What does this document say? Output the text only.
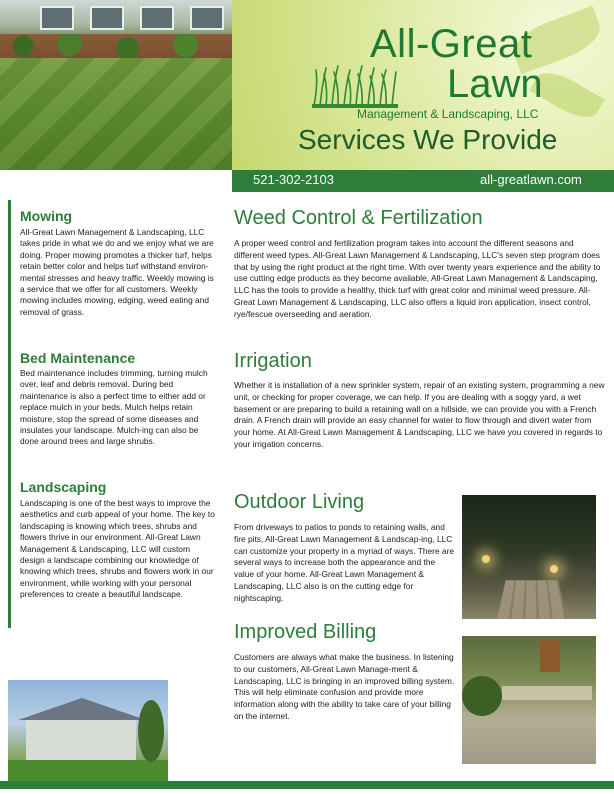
All-Great
Lawn
Management & Landscaping, LLC
Services We Provide
521-302-2103	all-greatlawn.com
Mowing
All-Great Lawn Management & Landscaping, LLC takes pride in what we do and we enjoy what we are doing. Proper mowing promotes a thicker turf, helps retain better color and helps turf withstand environ-mental stresses and heavy traffic. Weekly mowing is a service that we offer for all customers. Weekly mowing includes mowing, edging, weed eating and removal of grass.
Bed Maintenance
Bed maintenance includes trimming, turning mulch over, leaf and debris removal. During bed maintenance is also a perfect time to either add or replace mulch in your beds. Mulch helps retain moisture, stop the spread of some diseases and insulates your landscape. Mulch-ing can also be done around trees and large shrubs.
Landscaping
Landscaping is one of the best ways to improve the aesthetics and curb appeal of your home. The key to landscaping is knowing which trees, shrubs and flowers thrive in our environment. All-Great Lawn Management & Landscaping, LLC will custom design a landscape combining our knowledge of knowing which trees, shrubs and flowers work in our environment, while working with your personal preferences to create a beautiful landscape.
Weed Control & Fertilization
A proper weed control and fertilization program takes into account the different seasons and different weed types. All-Great Lawn Management & Landscaping, LLC's seven step program does that by using the right product at the right time. With over twenty years experience and the ability to use cutting edge products as they become available, All-Great Lawn Management & Landscaping, LLC has the tools to provide a healthy, thick turf with great color and minimal weed pressure. All-Great Lawn Management & Landscaping, LLC also offers a liquid iron application, insect control, rye/fescue overseeding and aeration.
Irrigation
Whether it is installation of a new sprinkler system, repair of an existing system, programming a new unit, or checking for proper coverage, we can help. If you are dealing with a soggy yard, a wet basement or are preparing to build a retaining wall on a hillside, we can provide you with a French drain. A French drain will provide an easy channel for water to flow through and divert water from your home. At All-Great Lawn Management & Landscaping, LLC we have you covered in regards to your irrigation concerns.
Outdoor Living
From driveways to patios to ponds to retaining walls, and fire pits, All-Great Lawn Management & Landscap-ing, LLC can customize your property in a myriad of ways. There are several ways to increase both the appearance and the value of your home. All-Great Lawn Management & Landscaping, LLC also is on the cutting edge for nightscaping.
Improved Billing
Customers are always what make the business. In listening to our customers, All-Great Lawn Manage-ment & Landscaping, LLC is bringing in an improved billing system. This will help eliminate confusion and provide more information along with the ability to take care of your billing on the internet.
